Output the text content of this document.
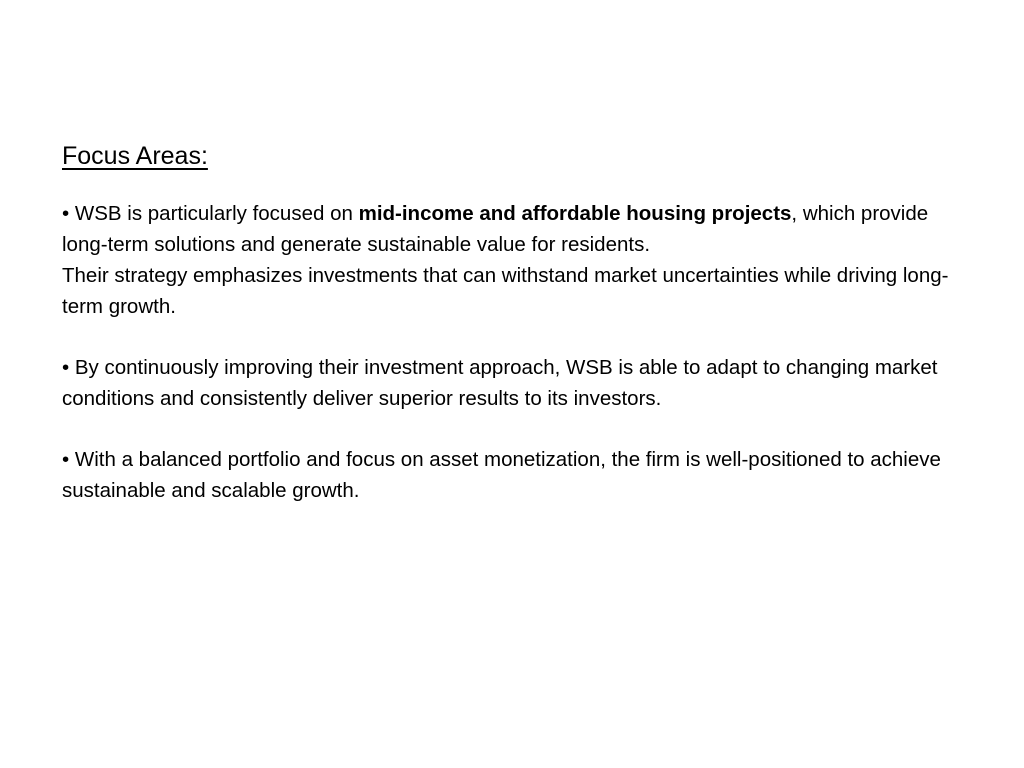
Focus Areas:

• WSB is particularly focused on mid-income and affordable housing projects, which provide long-term solutions and generate sustainable value for residents.
Their strategy emphasizes investments that can withstand market uncertainties while driving long-term growth.

• By continuously improving their investment approach, WSB is able to adapt to changing market conditions and consistently deliver superior results to its investors.

• With a balanced portfolio and focus on asset monetization, the firm is well-positioned to achieve sustainable and scalable growth.
